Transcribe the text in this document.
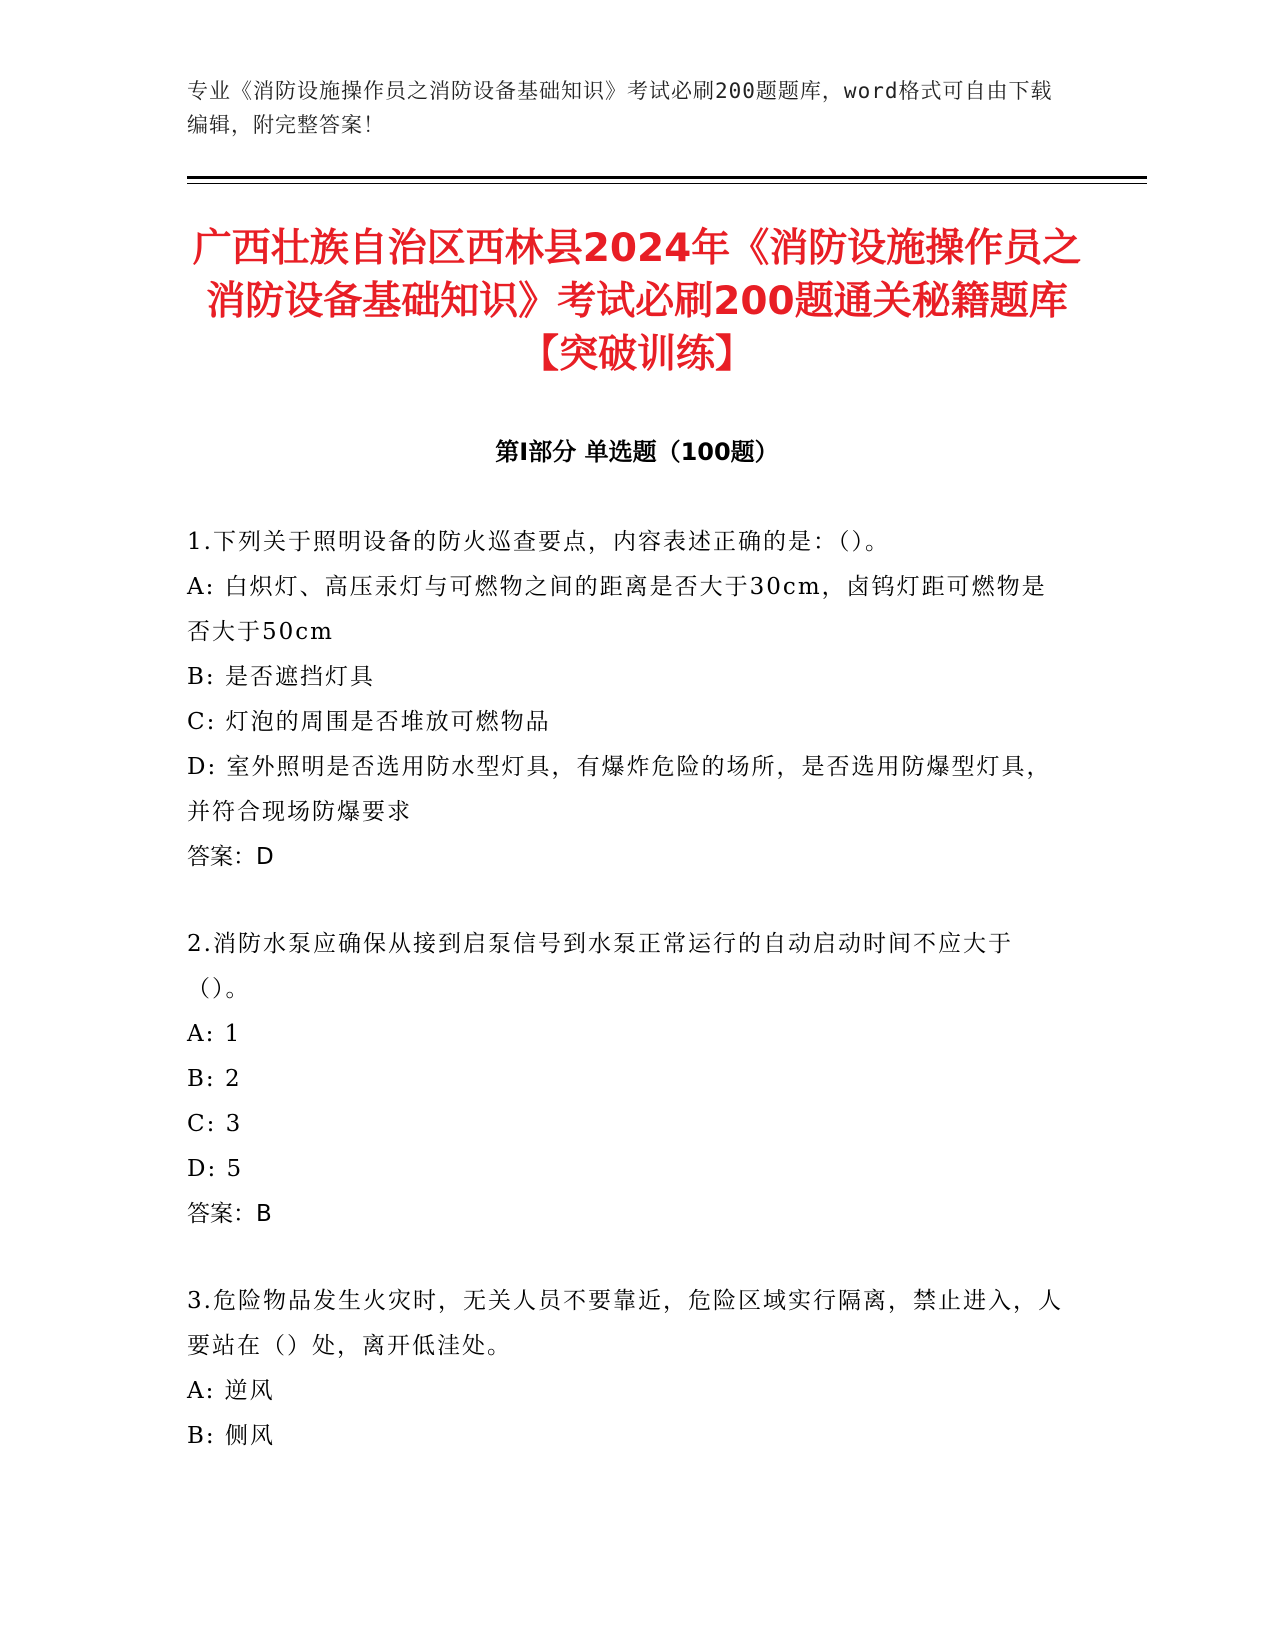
专业《消防设施操作员之消防设备基础知识》考试必刷200题题库，word格式可自由下载编辑，附完整答案！
广西壮族自治区西林县2024年《消防设施操作员之消防设备基础知识》考试必刷200题通关秘籍题库【突破训练】
第I部分 单选题（100题）

1.下列关于照明设备的防火巡查要点，内容表述正确的是：（）。

A: 白炽灯、高压汞灯与可燃物之间的距离是否大于30cm，卤钨灯距可燃物是否大于50cm

B: 是否遮挡灯具

C: 灯泡的周围是否堆放可燃物品

D: 室外照明是否选用防水型灯具，有爆炸危险的场所，是否选用防爆型灯具，并符合现场防爆要求

答案：D

2.消防水泵应确保从接到启泵信号到水泵正常运行的自动启动时间不应大于（）。

A: 1

B: 2

C: 3

D: 5

答案：B

3.危险物品发生火灾时，无关人员不要靠近，危险区域实行隔离，禁止进入，人要站在（）处，离开低洼处。

A: 逆风

B: 侧风
